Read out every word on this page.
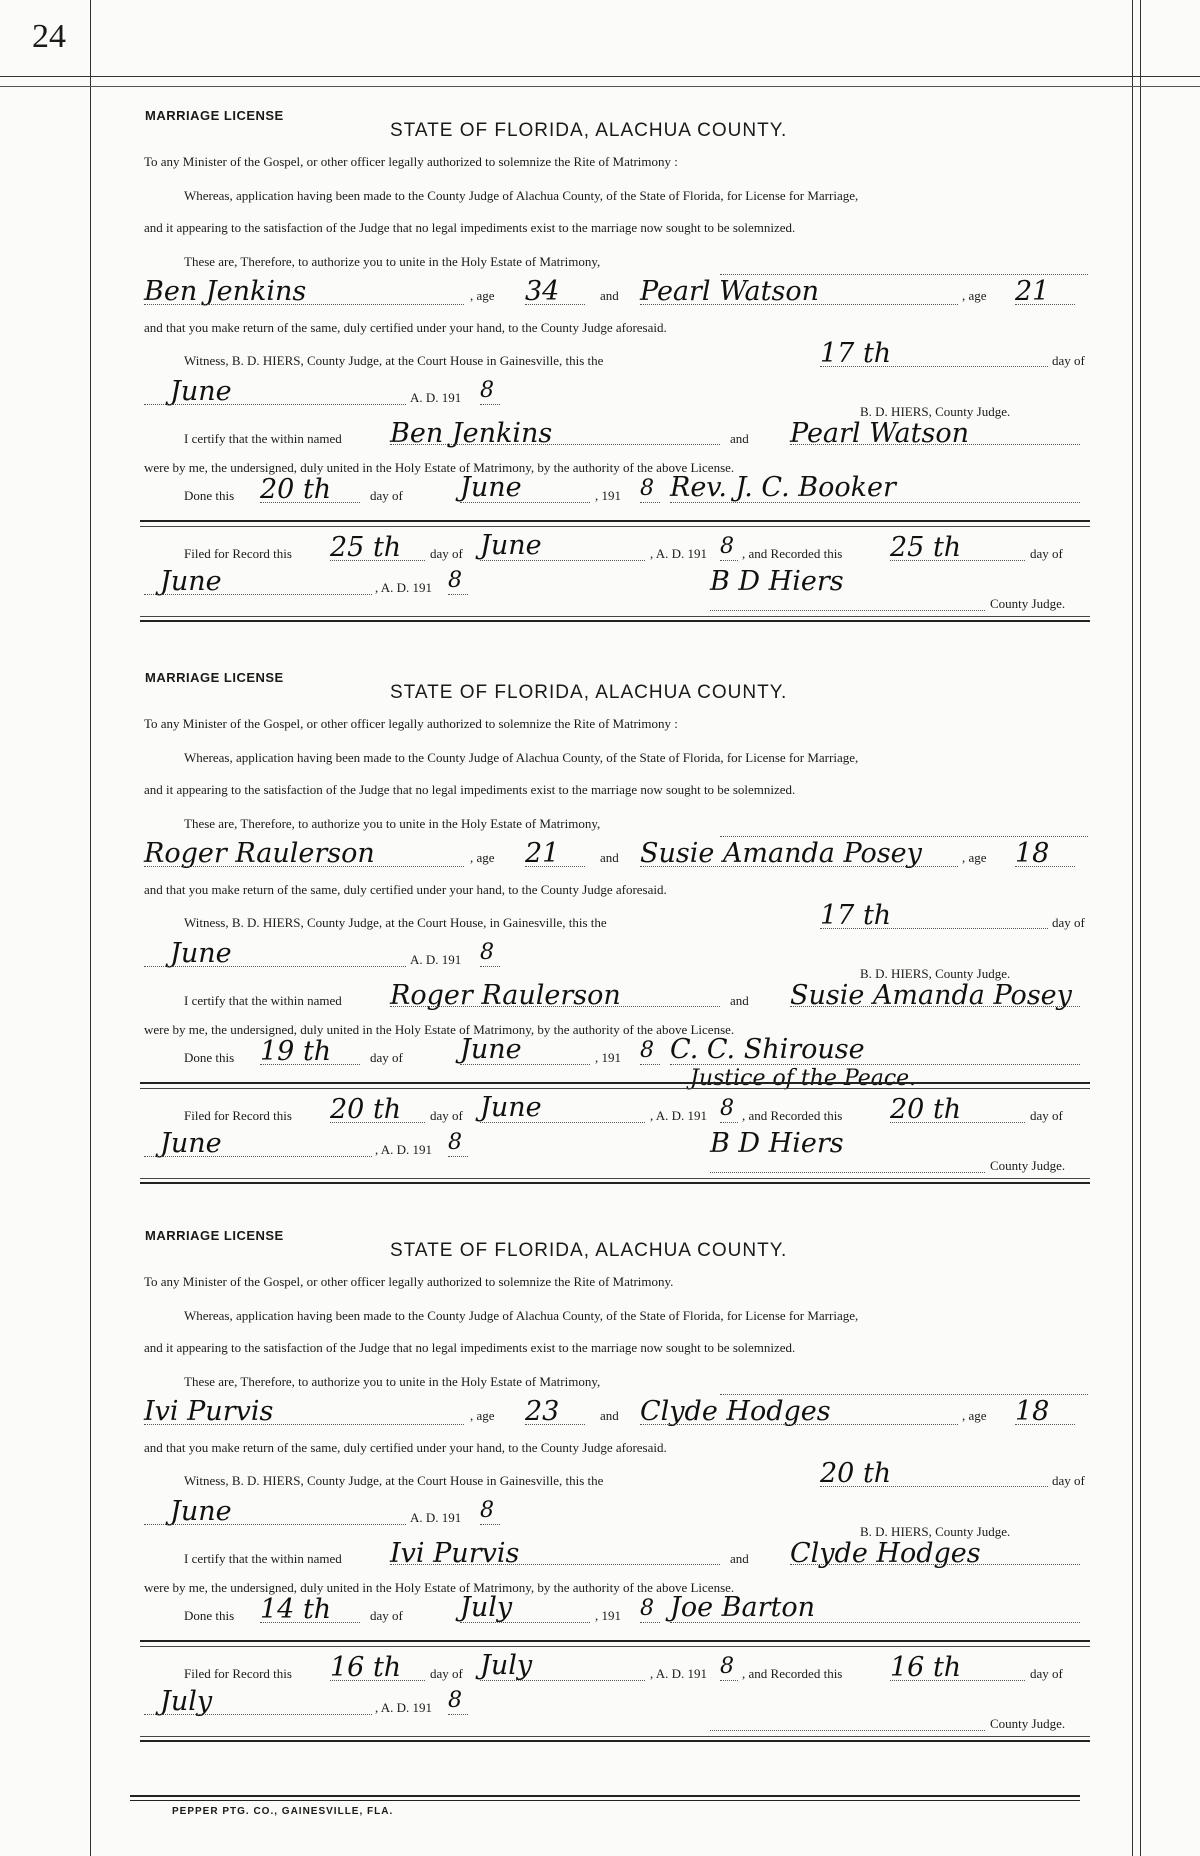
24
MARRIAGE LICENSE
STATE OF FLORIDA, ALACHUA COUNTY.
To any Minister of the Gospel, or other officer legally authorized to solemnize the Rite of Matrimony :
Whereas, application having been made to the County Judge of Alachua County, of the State of Florida, for License for Marriage,
and it appearing to the satisfaction of the Judge that no legal impediments exist to the marriage now sought to be solemnized.
These are, Therefore, to authorize you to unite in the Holy Estate of Matrimony,
Ben Jenkins	, age 34	and Pearl Watson	, age 21
and that you make return of the same, duly certified under your hand, to the County Judge aforesaid.
Witness, B. D. HIERS, County Judge, at the Court House in Gainesville, this the	17 th	day of
June	A. D. 191 8
B. D. HIERS, County Judge.
I certify that the within named Ben Jenkins	and Pearl Watson
were by me, the undersigned, duly united in the Holy Estate of Matrimony, by the authority of the above License.
Done this 20 th	day of June	, 191 8 Rev. J. C. Booker
Filed for Record this 25 th day of June	, A. D. 191 8 , and Recorded this 25 th	day of
June	, A. D. 191 8	B D Hiers
County Judge.
MARRIAGE LICENSE
STATE OF FLORIDA, ALACHUA COUNTY.
To any Minister of the Gospel, or other officer legally authorized to solemnize the Rite of Matrimony :
Whereas, application having been made to the County Judge of Alachua County, of the State of Florida, for License for Marriage,
and it appearing to the satisfaction of the Judge that no legal impediments exist to the marriage now sought to be solemnized.
These are, Therefore, to authorize you to unite in the Holy Estate of Matrimony,
Roger Raulerson	, age 21	and Susie Amanda Posey	, age 18
and that you make return of the same, duly certified under your hand, to the County Judge aforesaid.
Witness, B. D. HIERS, County Judge, at the Court House, in Gainesville, this the	17 th	day of
June	A. D. 191 8
B. D. HIERS, County Judge.
I certify that the within named Roger Raulerson	and Susie Amanda Posey
were by me, the undersigned, duly united in the Holy Estate of Matrimony, by the authority of the above License.
Done this 19 th	day of June	, 191 8 C. C. Shirouse
Justice of the Peace.
Filed for Record this 20 th day of June	, A. D. 191 8 , and Recorded this 20 th	day of
June	, A. D. 191 8	B D Hiers
County Judge.
MARRIAGE LICENSE
STATE OF FLORIDA, ALACHUA COUNTY.
To any Minister of the Gospel, or other officer legally authorized to solemnize the Rite of Matrimony.
Whereas, application having been made to the County Judge of Alachua County, of the State of Florida, for License for Marriage,
and it appearing to the satisfaction of the Judge that no legal impediments exist to the marriage now sought to be solemnized.
These are, Therefore, to authorize you to unite in the Holy Estate of Matrimony,
Ivi Purvis	, age 23	and Clyde Hodges	, age 18
and that you make return of the same, duly certified under your hand, to the County Judge aforesaid.
Witness, B. D. HIERS, County Judge, at the Court House in Gainesville, this the	20 th	day of
June	A. D. 191 8
B. D. HIERS, County Judge.
I certify that the within named Ivi Purvis	and Clyde Hodges
were by me, the undersigned, duly united in the Holy Estate of Matrimony, by the authority of the above License.
Done this 14 th	day of July	, 191 8 Joe Barton
Filed for Record this 16 th day of July	, A. D. 191 8 , and Recorded this 16 th	day of
July	, A. D. 191 8
County Judge.
PEPPER PTG. CO., GAINESVILLE, FLA.
